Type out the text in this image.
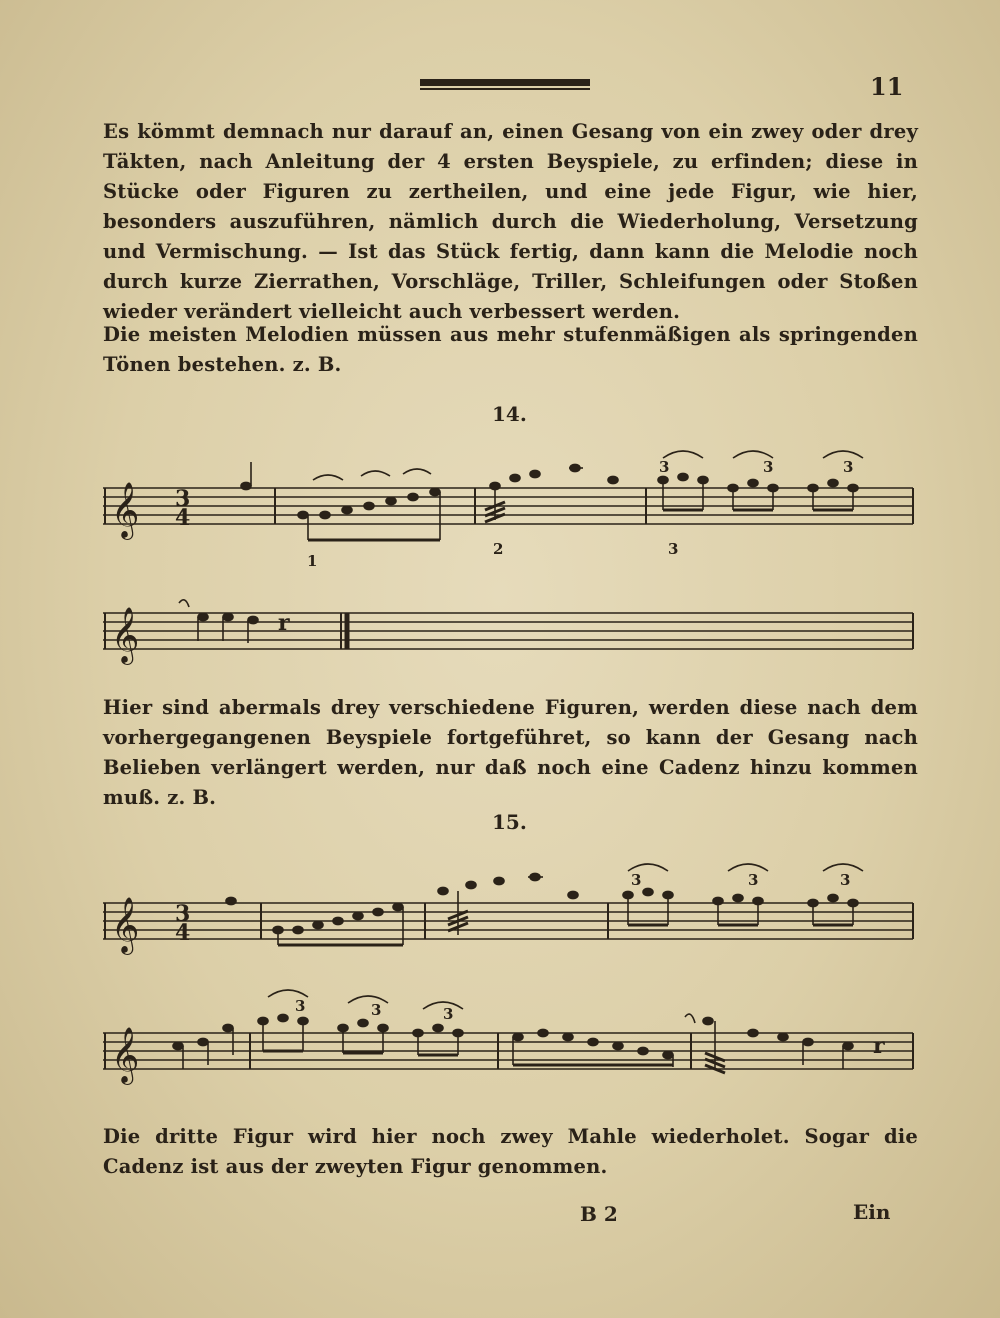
11

Es kömmt demnach nur darauf an, einen Gesang von ein zwey oder drey Täkten, nach Anleitung der 4 ersten Beyspiele, zu erfinden; diese in Stücke oder Figuren zu zertheilen, und eine jede Figur, wie hier, besonders auszuführen, nämlich durch die Wiederholung, Versetzung und Vermischung. — Ist das Stück fertig, dann kann die Melodie noch durch kurze Zierrathen, Vorschläge, Triller, Schleifungen oder Stoßen wieder verändert vielleicht auch verbessert werden.

Die meisten Melodien müssen aus mehr stufenmäßigen als springenden Tönen bestehen. z. B.

14.
𝄞 3
4
3	3	3
1
2	3
𝄞	r

Hier sind abermals drey verschiedene Figuren, werden diese nach dem vorhergegangenen Beyspiele fortgeführet, so kann der Gesang nach Belieben verlängert werden, nur daß noch eine Cadenz hinzu kommen muß. z. B.

15.
𝄞 3
4
3	3	3
𝄞
3	3	3
r

Die dritte Figur wird hier noch zwey Mahle wiederholet. Sogar die Cadenz ist aus der zweyten Figur genommen.

B 2	Ein
